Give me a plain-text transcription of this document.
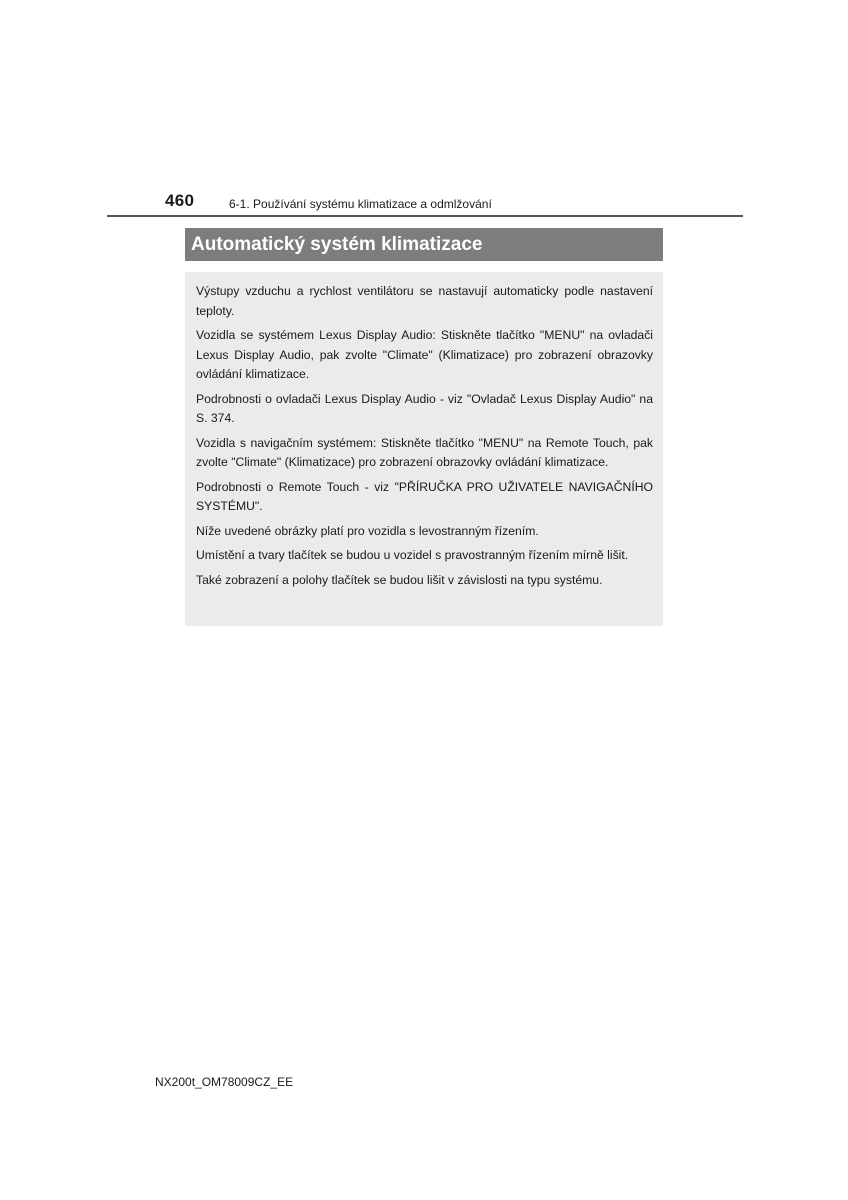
460	6-1. Používání systému klimatizace a odmlžování
Automatický systém klimatizace

Výstupy vzduchu a rychlost ventilátoru se nastavují automaticky podle nastavení teploty.

Vozidla se systémem Lexus Display Audio: Stiskněte tlačítko "MENU" na ovladači Lexus Display Audio, pak zvolte "Climate" (Klimatizace) pro zobrazení obrazovky ovládání klimatizace.

Podrobnosti o ovladači Lexus Display Audio - viz "Ovladač Lexus Display Audio" na S. 374.

Vozidla s navigačním systémem: Stiskněte tlačítko "MENU" na Remote Touch, pak zvolte "Climate" (Klimatizace) pro zobrazení obrazovky ovládání klimatizace.

Podrobnosti o Remote Touch - viz "PŘÍRUČKA PRO UŽIVATELE NAVIGAČNÍHO SYSTÉMU".

Níže uvedené obrázky platí pro vozidla s levostranným řízením.

Umístění a tvary tlačítek se budou u vozidel s pravostranným řízením mírně lišit.

Také zobrazení a polohy tlačítek se budou lišit v závislosti na typu systému.

NX200t_OM78009CZ_EE
